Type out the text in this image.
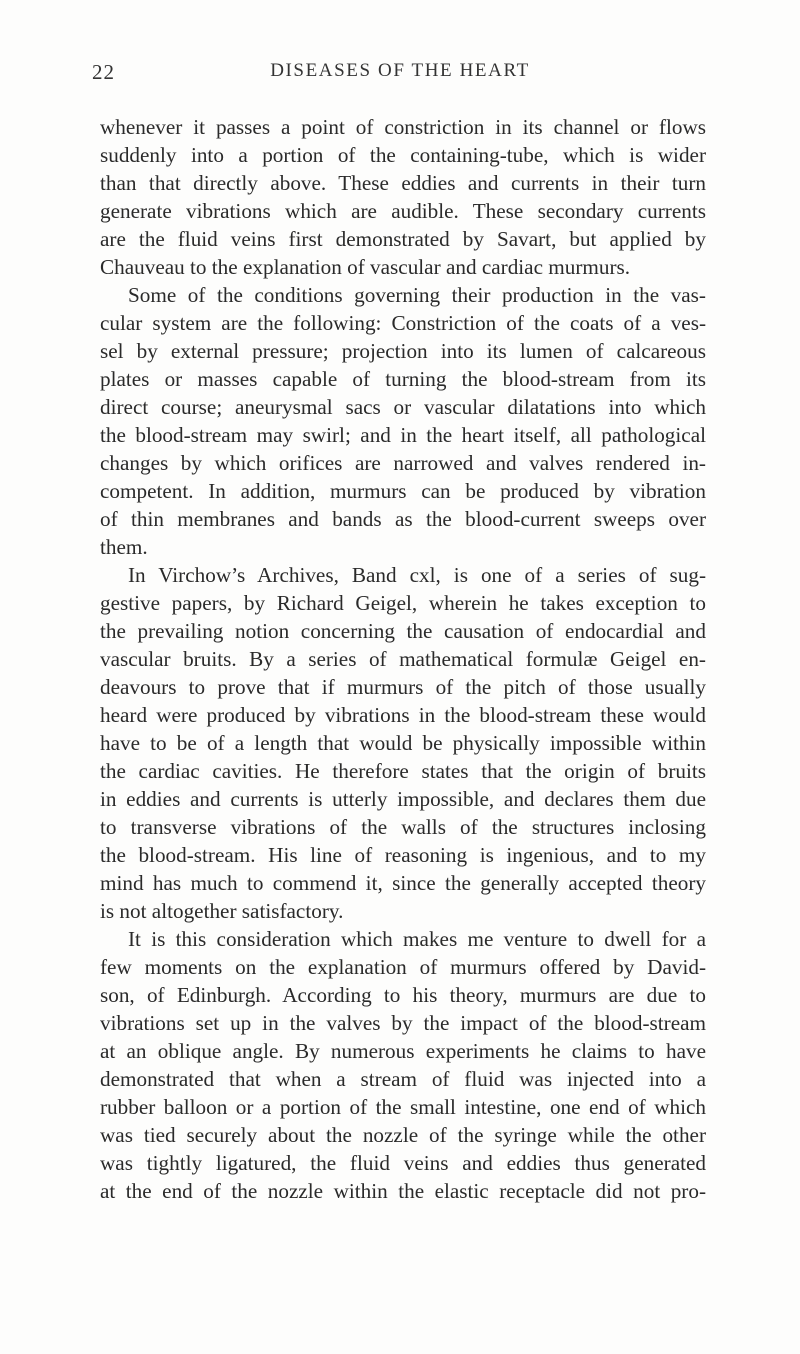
22	DISEASES OF THE HEART
whenever it passes a point of constriction in its channel or flows
suddenly into a portion of the containing-tube, which is wider
than that directly above. These eddies and currents in their turn
generate vibrations which are audible. These secondary currents
are the fluid veins first demonstrated by Savart, but applied by
Chauveau to the explanation of vascular and cardiac murmurs.
Some of the conditions governing their production in the vas-
cular system are the following: Constriction of the coats of a ves-
sel by external pressure; projection into its lumen of calcareous
plates or masses capable of turning the blood-stream from its
direct course; aneurysmal sacs or vascular dilatations into which
the blood-stream may swirl; and in the heart itself, all pathological
changes by which orifices are narrowed and valves rendered in-
competent. In addition, murmurs can be produced by vibration
of thin membranes and bands as the blood-current sweeps over
them.
In Virchow’s Archives, Band cxl, is one of a series of sug-
gestive papers, by Richard Geigel, wherein he takes exception to
the prevailing notion concerning the causation of endocardial and
vascular bruits. By a series of mathematical formulæ Geigel en-
deavours to prove that if murmurs of the pitch of those usually
heard were produced by vibrations in the blood-stream these would
have to be of a length that would be physically impossible within
the cardiac cavities. He therefore states that the origin of bruits
in eddies and currents is utterly impossible, and declares them due
to transverse vibrations of the walls of the structures inclosing
the blood-stream. His line of reasoning is ingenious, and to my
mind has much to commend it, since the generally accepted theory
is not altogether satisfactory.
It is this consideration which makes me venture to dwell for a
few moments on the explanation of murmurs offered by David-
son, of Edinburgh. According to his theory, murmurs are due to
vibrations set up in the valves by the impact of the blood-stream
at an oblique angle. By numerous experiments he claims to have
demonstrated that when a stream of fluid was injected into a
rubber balloon or a portion of the small intestine, one end of which
was tied securely about the nozzle of the syringe while the other
was tightly ligatured, the fluid veins and eddies thus generated
at the end of the nozzle within the elastic receptacle did not pro-
